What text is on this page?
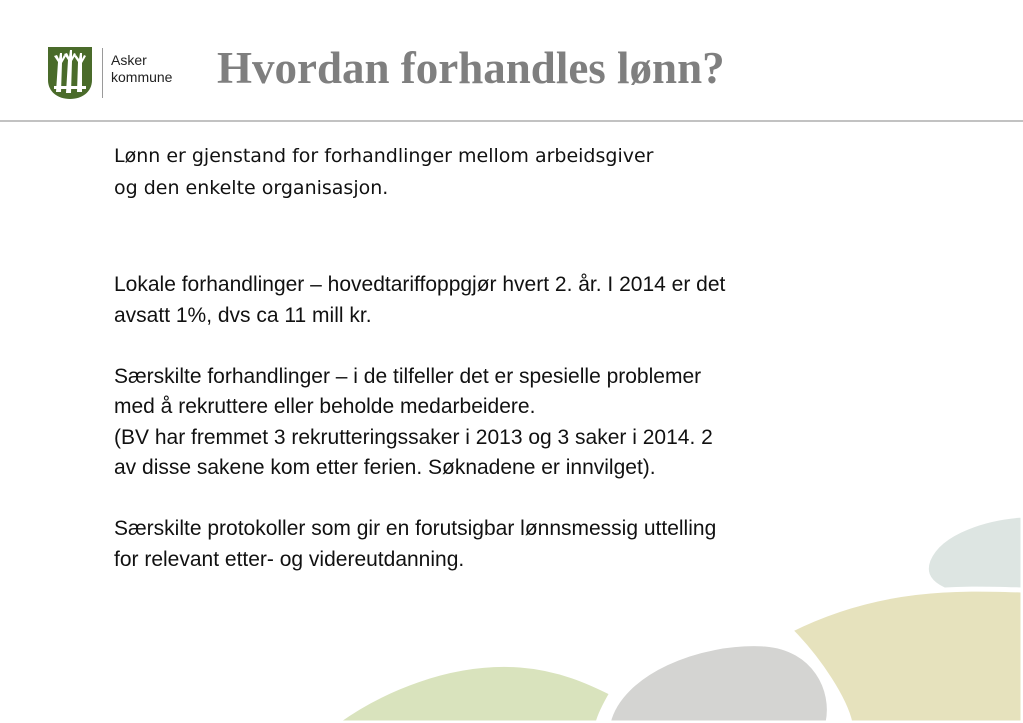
Asker
kommune Hvordan forhandles lønn?

Lønn er gjenstand for forhandlinger mellom arbeidsgiver
og den enkelte organisasjon.

Lokale forhandlinger – hovedtariffoppgjør hvert 2. år. I 2014 er det
avsatt 1%, dvs ca 11 mill kr.

Særskilte forhandlinger – i de tilfeller det er spesielle problemer
med å rekruttere eller beholde medarbeidere.
(BV har fremmet 3 rekrutteringssaker i 2013 og 3 saker i 2014. 2
av disse sakene kom etter ferien. Søknadene er innvilget).

Særskilte protokoller som gir en forutsigbar lønnsmessig uttelling
for relevant etter- og videreutdanning.
